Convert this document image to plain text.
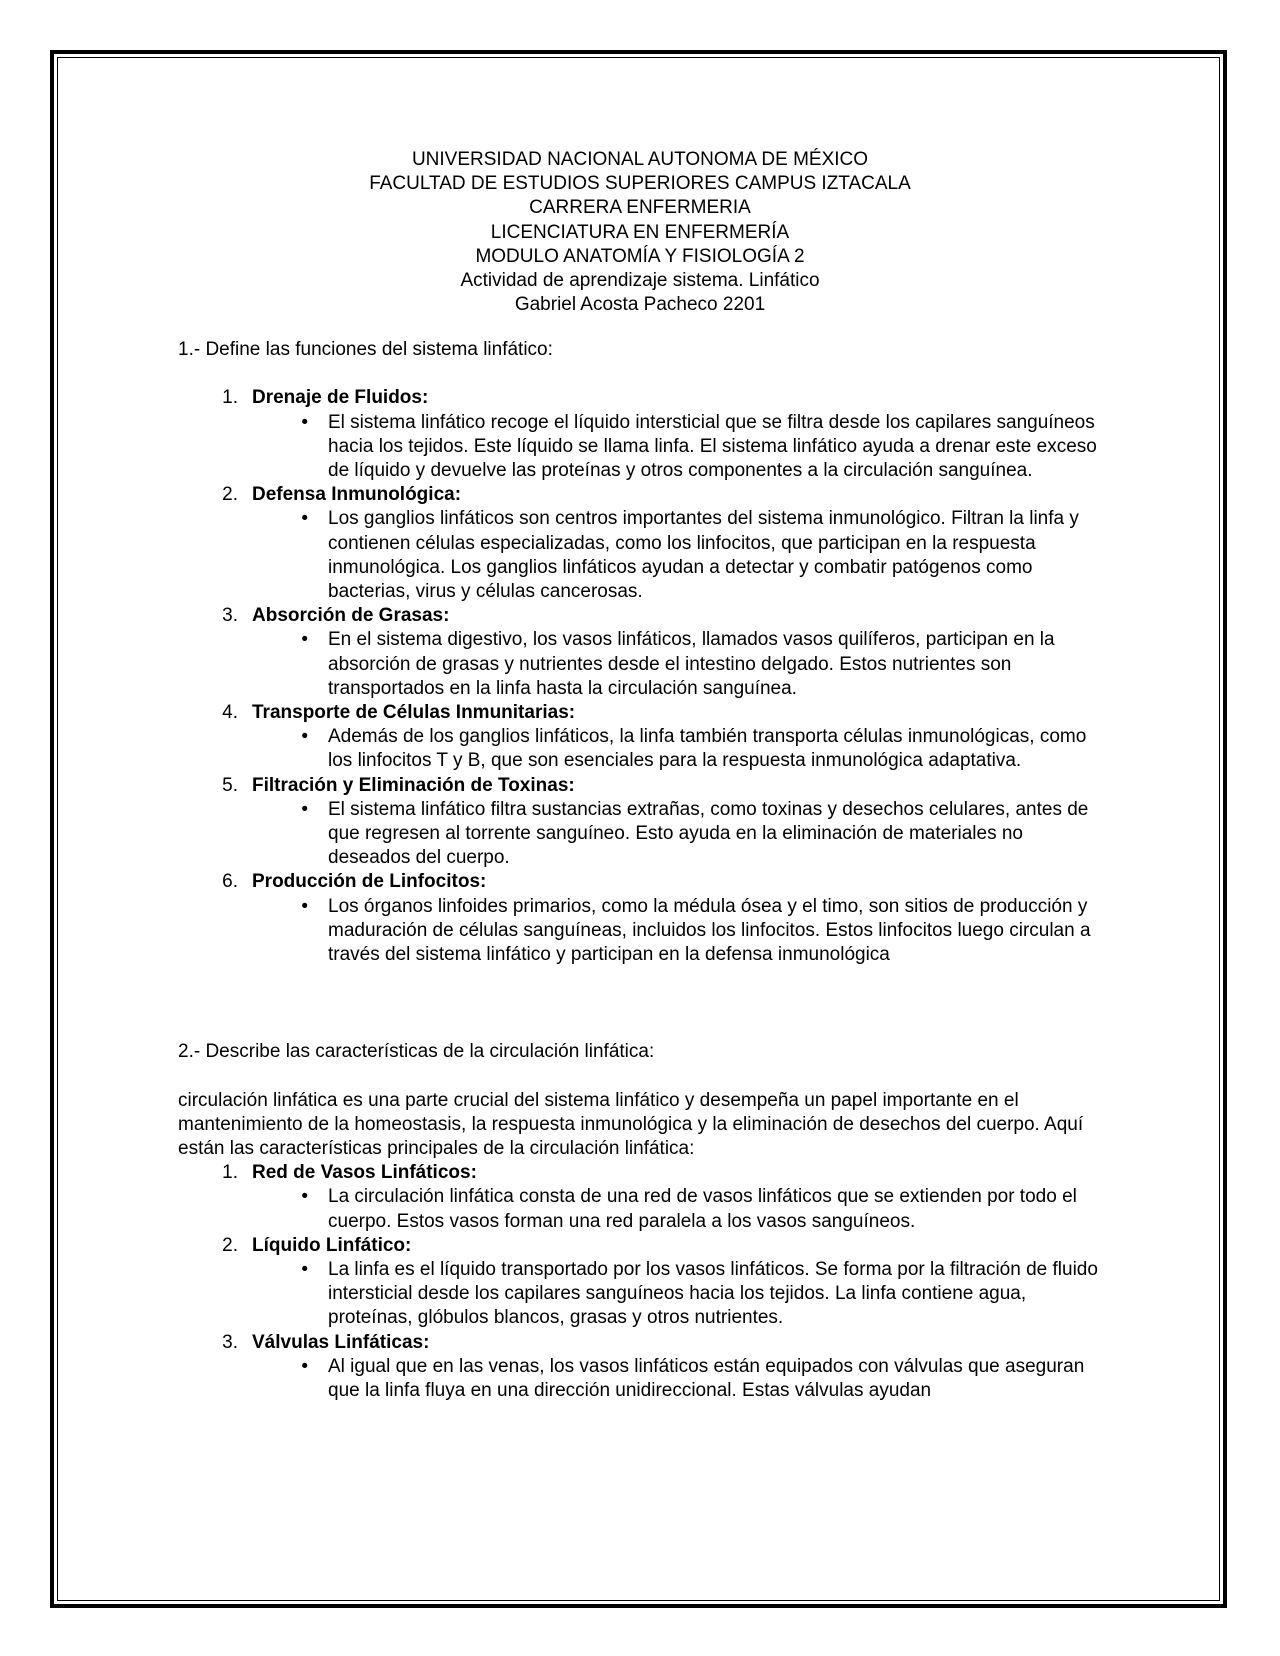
UNIVERSIDAD NACIONAL AUTONOMA DE MÉXICO
FACULTAD DE ESTUDIOS SUPERIORES CAMPUS IZTACALA
CARRERA ENFERMERIA
LICENCIATURA EN ENFERMERÍA
MODULO ANATOMÍA Y FISIOLOGÍA 2
Actividad de aprendizaje sistema. Linfático
Gabriel Acosta Pacheco 2201

1.- Define las funciones del sistema linfático:

1. Drenaje de Fluidos:
•	El sistema linfático recoge el líquido intersticial que se filtra desde los capilares sanguíneos hacia los tejidos. Este líquido se llama linfa. El sistema linfático ayuda a drenar este exceso de líquido y devuelve las proteínas y otros componentes a la circulación sanguínea.
2. Defensa Inmunológica:
•	Los ganglios linfáticos son centros importantes del sistema inmunológico. Filtran la linfa y contienen células especializadas, como los linfocitos, que participan en la respuesta inmunológica. Los ganglios linfáticos ayudan a detectar y combatir patógenos como bacterias, virus y células cancerosas.
3. Absorción de Grasas:
•	En el sistema digestivo, los vasos linfáticos, llamados vasos quilíferos, participan en la absorción de grasas y nutrientes desde el intestino delgado. Estos nutrientes son transportados en la linfa hasta la circulación sanguínea.
4. Transporte de Células Inmunitarias:
•	Además de los ganglios linfáticos, la linfa también transporta células inmunológicas, como los linfocitos T y B, que son esenciales para la respuesta inmunológica adaptativa.
5. Filtración y Eliminación de Toxinas:
•	El sistema linfático filtra sustancias extrañas, como toxinas y desechos celulares, antes de que regresen al torrente sanguíneo. Esto ayuda en la eliminación de materiales no deseados del cuerpo.
6. Producción de Linfocitos:
•	Los órganos linfoides primarios, como la médula ósea y el timo, son sitios de producción y maduración de células sanguíneas, incluidos los linfocitos. Estos linfocitos luego circulan a través del sistema linfático y participan en la defensa inmunológica

2.- Describe las características de la circulación linfática:

circulación linfática es una parte crucial del sistema linfático y desempeña un papel importante en el mantenimiento de la homeostasis, la respuesta inmunológica y la eliminación de desechos del cuerpo. Aquí están las características principales de la circulación linfática:

1. Red de Vasos Linfáticos:
•	La circulación linfática consta de una red de vasos linfáticos que se extienden por todo el cuerpo. Estos vasos forman una red paralela a los vasos sanguíneos.
2. Líquido Linfático:
•	La linfa es el líquido transportado por los vasos linfáticos. Se forma por la filtración de fluido intersticial desde los capilares sanguíneos hacia los tejidos. La linfa contiene agua, proteínas, glóbulos blancos, grasas y otros nutrientes.
3. Válvulas Linfáticas:
•	Al igual que en las venas, los vasos linfáticos están equipados con válvulas que aseguran que la linfa fluya en una dirección unidireccional. Estas válvulas ayudan
